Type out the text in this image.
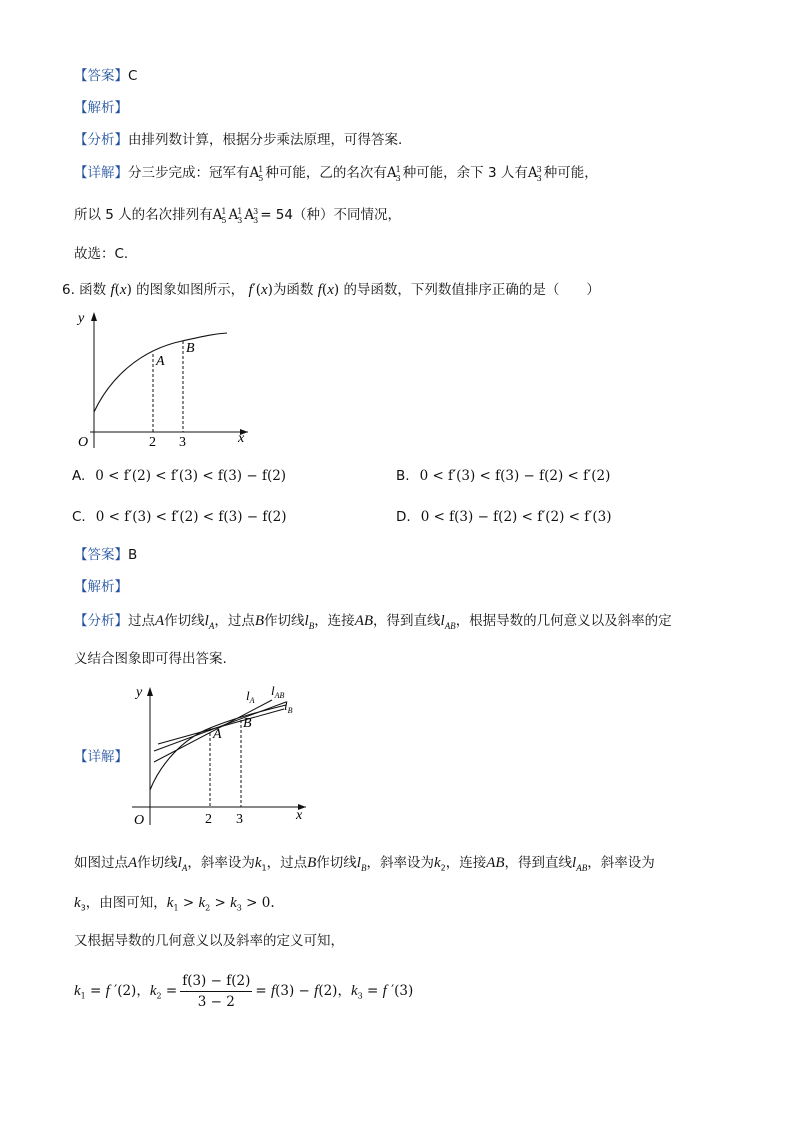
【答案】C
【解析】
【分析】由排列数计算，根据分步乘法原理，可得答案.
【详解】分三步完成：冠军有A 1
5 种可能，乙的名次有A 1
3 种可能，余下 3 人有A 3
3 种可能，
所以 5 人的名次排列有A 1
5 A 1
3 A 3
3 = 54（种）不同情况，
故选：C.
6. 函数 f(x) 的图象如图所示， f′(x)为函数 f(x) 的导函数，下列数值排序正确的是（　　）
y
x
O	2 3
A
B
A. 0 < f′(2) < f′(3) < f(3) − f(2)	B. 0 < f′(3) < f(3) − f(2) < f′(2)
C. 0 < f′(3) < f′(2) < f(3) − f(2)	D. 0 < f(3) − f(2) < f′(2) < f′(3)
【答案】B
【解析】
【分析】过点A作切线$l_A$，过点B作切线$l_B$，连接AB，得到直线$l_{AB}$，根据导数的几何意义以及斜率的定
义结合图象即可得出答案.
【详解】
y
x
O	2 3
A
B
$l_A$
$l_{AB}$
$l_B$
如图过点A作切线$l_A$，斜率设为$k_1$，过点B作切线$l_B$，斜率设为$k_2$，连接AB，得到直线$l_{AB}$，斜率设为
$k_3$，由图可知，$k_1 > k_2 > k_3 > 0$.
又根据导数的几何意义以及斜率的定义可知，
$k_1 = f$ ′(2)，$k_2 = \frac{f(3) - f(2)}{3 - 2} = f(3) - f(2)$，$k_3 = f$ ′(3)
